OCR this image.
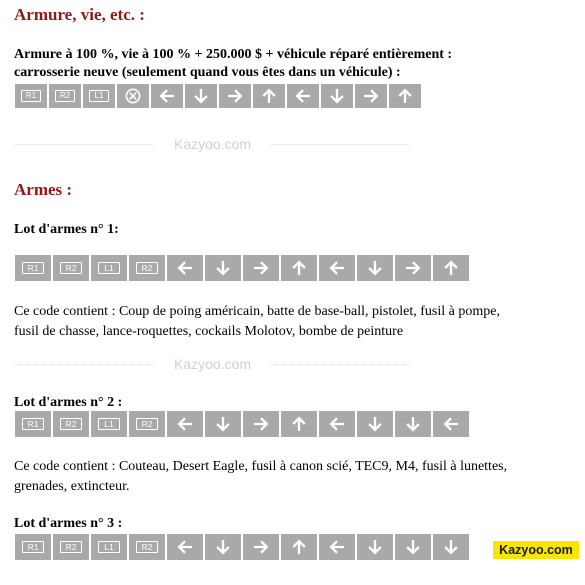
Armure, vie, etc. :

Armure à 100 %, vie à 100 % + 250.000 $ + véhicule réparé entièrement :

carrosserie neuve (seulement quand vous êtes dans un véhicule) :

R1	R2	L1
Kazyoo.com
Armes :

Lot d'armes n° 1:

R1	R2	L1	R2

Ce code contient : Coup de poing américain, batte de base-ball, pistolet, fusil à pompe,

fusil de chasse, lance-roquettes, cockails Molotov, bombe de peinture

Kazyoo.com

Lot d'armes n° 2 :

R1	R2	L1	R2

Ce code contient : Couteau, Desert Eagle, fusil à canon scié, TEC9, M4, fusil à lunettes,

grenades, extincteur.

Lot d'armes n° 3 :

R1	R2	L1	R2	Kazyoo.com
